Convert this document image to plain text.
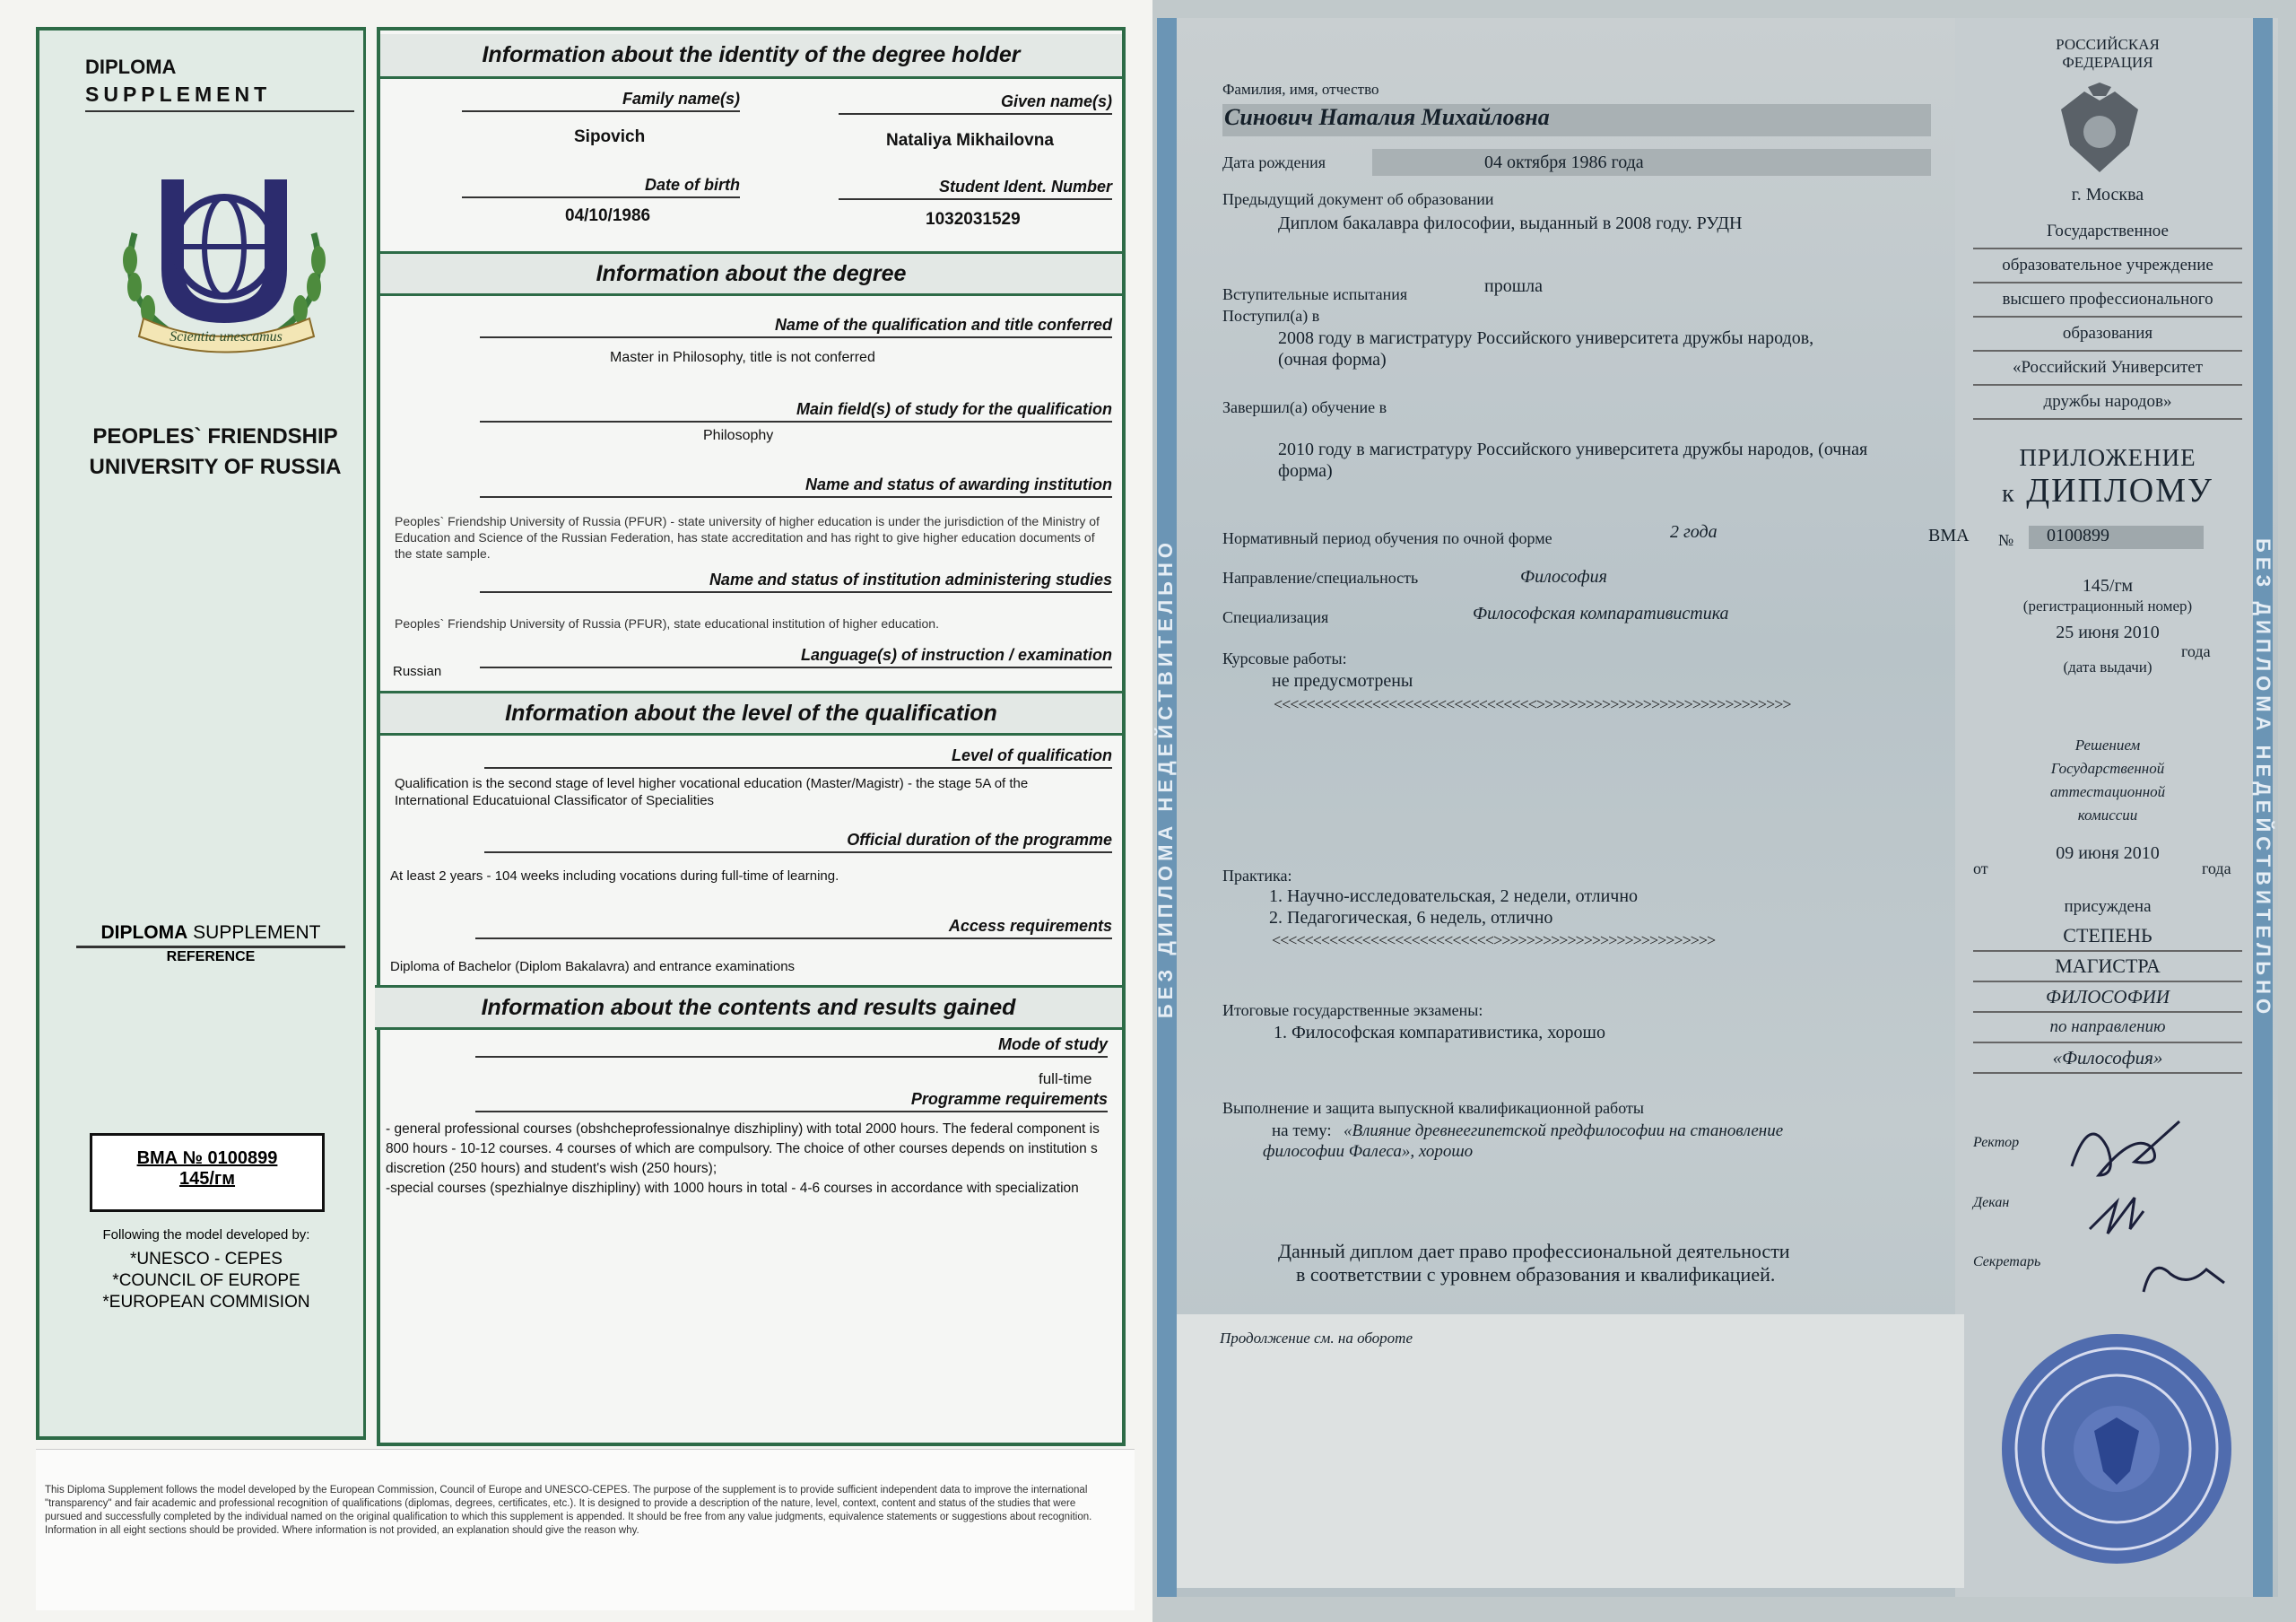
DIPLOMA
SUPPLEMENT
Scientia unescamus
PEOPLES` FRIENDSHIP
UNIVERSITY OF RUSSIA
DIPLOMA SUPPLEMENT
REFERENCE
ВМА № 0100899
145/гм
Following the model developed by:
*UNESCO - CEPES
*COUNCIL OF EUROPE
*EUROPEAN COMMISION
Information about the identity of the degree holder
Family name(s)	Given name(s)
Sipovich	Nataliya Mikhailovna
Date of birth	Student Ident. Number
04/10/1986	1032031529
Information about the degree
Name of the qualification and title conferred
Master in Philosophy, title is not conferred
Main field(s) of study for the qualification
Philosophy
Name and status of awarding institution
Peoples` Friendship University of Russia (PFUR) - state university of higher education is under the jurisdiction of the Ministry of Education and Science of the Russian Federation, has state accreditation and has right to give higher education documents of the state sample.
Name and status of institution administering studies
Peoples` Friendship University of Russia (PFUR), state educational institution of higher education.
Language(s) of instruction / examination
Russian
Information about the level of the qualification
Level of qualification
Qualification is the second stage of level higher vocational education (Master/Magistr) - the stage 5A of the International Educatuional Classificator of Specialities
Official duration of the programme
At least 2 years - 104 weeks including vocations during full-time of learning.
Access requirements
Diploma of Bachelor (Diplom Bakalavra) and entrance examinations
Information about the contents and results gained
Mode of study
full-time
Programme requirements
- general professional courses (obshcheprofessionalnye diszhipliny) with total 2000 hours. The federal component is 800 hours - 10-12 courses. 4 courses of which are compulsory. The choice of other courses depends on institution s discretion (250 hours) and student's wish (250 hours);
-special courses (spezhialnye diszhipliny) with 1000 hours in total - 4-6 courses in accordance with specialization
This Diploma Supplement follows the model developed by the European Commission, Council of Europe and UNESCO-CEPES. The purpose of the supplement is to provide sufficient independent data to improve the international "transparency" and fair academic and professional recognition of qualifications (diplomas, degrees, certificates, etc.). It is designed to provide a description of the nature, level, context, content and status of the studies that were pursued and successfully completed by the individual named on the original qualification to which this supplement is appended. It should be free from any value judgments, equivalence statements or suggestions about recognition. Information in all eight sections should be provided. Where information is not provided, an explanation should give the reason why.
БЕЗ ДИПЛОМА НЕДЕЙСТВИТЕЛЬНО	БЕЗ ДИПЛОМА НЕДЕЙСТВИТЕЛЬНО
Фамилия, имя, отчество
Синович Наталия Михайловна
Дата рождения	04 октября 1986 года
Предыдущий документ об образовании
Диплом бакалавра философии, выданный в 2008 году. РУДН
Вступительные испытания	прошла
Поступил(а) в
2008 году в магистратуру Российского университета дружбы народов,
(очная форма)
Завершил(а) обучение в
2010 году в магистратуру Российского университета дружбы народов, (очная
форма)
Нормативный период обучения по очной форме	2 года
Направление/специальность	Философия
Специализация	Философская компаративистика
Курсовые работы:
не предусмотрены
<<<<<<<<<<<<<<<<<<<<<<<<<<<<<<<<>>>>>>>>>>>>>>>>>>>>>>>>>>>>>>>
Практика:
1. Научно-исследовательская, 2 недели, отлично
2. Педагогическая, 6 недель, отлично
<<<<<<<<<<<<<<<<<<<<<<<<<<<>>>>>>>>>>>>>>>>>>>>>>>>>>>
Итоговые государственные экзамены:
1. Философская компаративистика, хорошо
Выполнение и защита выпускной квалификационной работы
на тему: «Влияние древнеегипетской предфилософии на становление
философии Фалеса», хорошо
Данный диплом дает право профессиональной деятельности
в соответствии с уровнем образования и квалификацией.
Продолжение см. на обороте
РОССИЙСКАЯ
ФЕДЕРАЦИЯ
г. Москва
Государственное
образовательное учреждение
высшего профессионального
образования
«Российский Университет
дружбы народов»
ПРИЛОЖЕНИЕ
к ДИПЛОМУ
ВМА № 0100899
145/гм
(регистрационный номер)
25 июня 2010
года
(дата выдачи)
Решением
Государственной
аттестационной
комиссии
от
09 июня 2010
года
присуждена
СТЕПЕНЬ
МАГИСТРА
ФИЛОСОФИИ
по направлению
«Философия»
Ректор
Декан
Секретарь
